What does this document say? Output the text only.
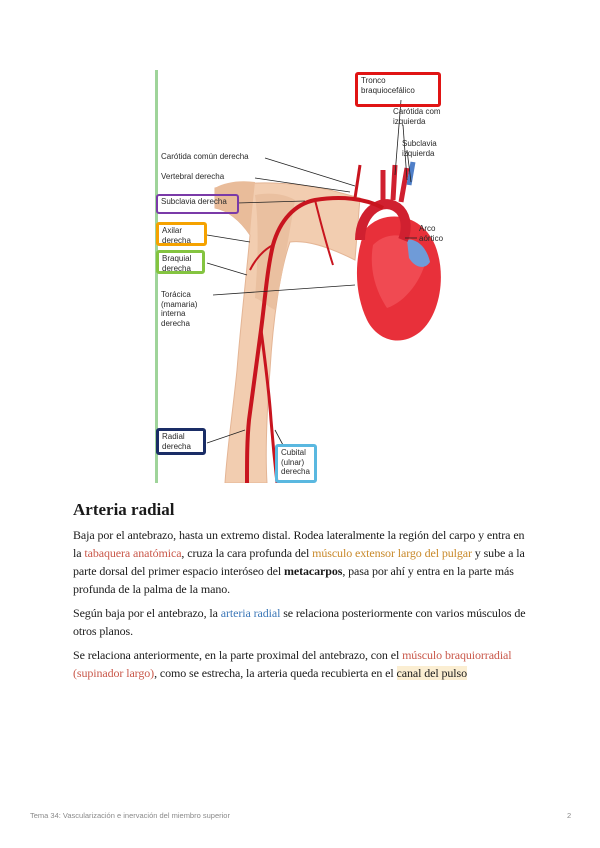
Tronco
braquiocefálico
Carótida com
izquierda
Subclavia
izquierda
Carótida común derecha
Vertebral derecha
Subclavia derecha
Axilar
derecha
Braquial
derecha
Torácica
(mamaria)
interna
derecha
Arco
aórtico
Radial
derecha
Cubital
(ulnar)
derecha
Arteria radial

Baja por el antebrazo, hasta un extremo distal. Rodea lateralmente la región del carpo y entra en la tabaquera anatómica, cruza la cara profunda del músculo extensor largo del pulgar y sube a la parte dorsal del primer espacio interóseo del metacarpos, pasa por ahí y entra en la parte más profunda de la palma de la mano.

Según baja por el antebrazo, la arteria radial se relaciona posteriormente con varios músculos de otros planos.

Se relaciona anteriormente, en la parte proximal del antebrazo, con el músculo braquiorradial (supinador largo), como se estrecha, la arteria queda recubierta en el canal del pulso

Tema 34: Vascularización e inervación del miembro superior	2
